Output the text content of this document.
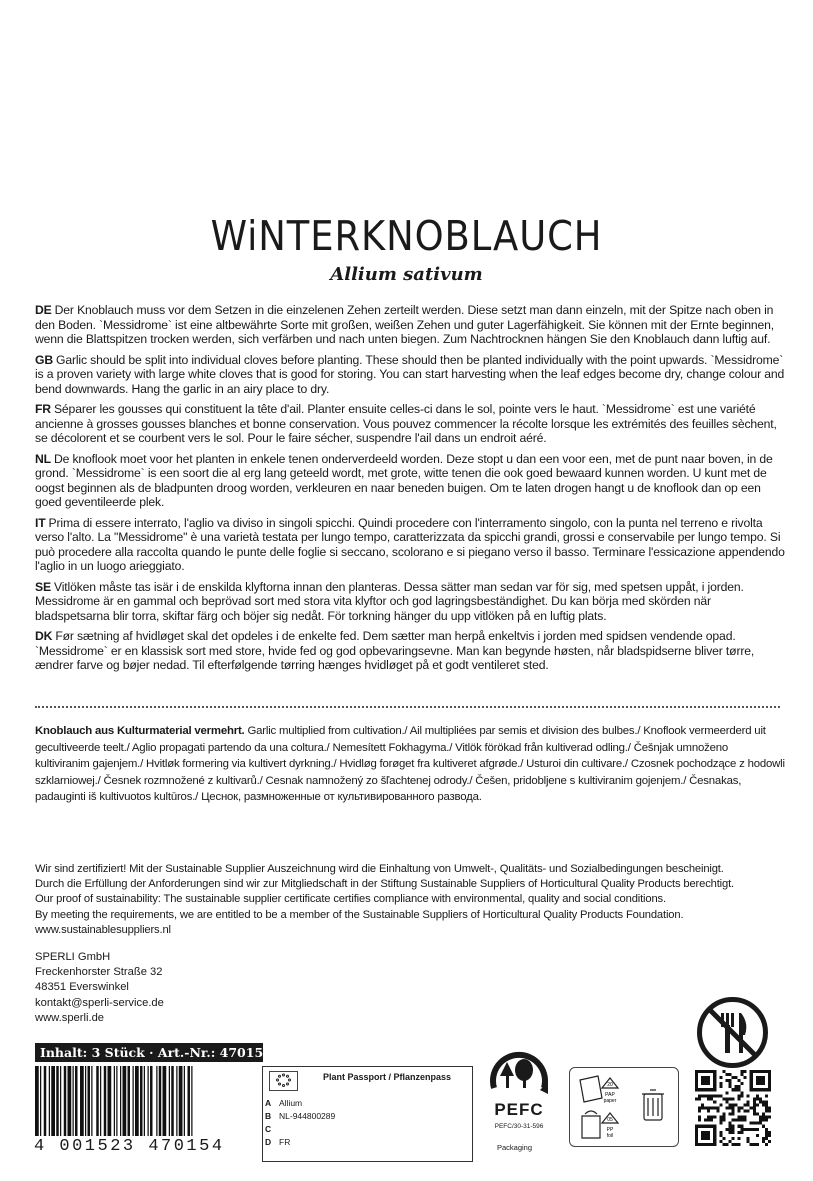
WiNTERKNOBLAUCH
Allium sativum

DE Der Knoblauch muss vor dem Setzen in die einzelenen Zehen zerteilt werden. Diese setzt man dann einzeln, mit der Spitze nach oben in den Boden. `Messidrome` ist eine altbewährte Sorte mit großen, weißen Zehen und guter Lagerfähigkeit. Sie können mit der Ernte beginnen, wenn die Blattspitzen trocken werden, sich verfärben und nach unten biegen. Zum Nachtrocknen hängen Sie den Knoblauch dann luftig auf.

GB Garlic should be split into individual cloves before planting. These should then be planted individually with the point upwards. `Messidrome` is a proven variety with large white cloves that is good for storing. You can start harvesting when the leaf edges become dry, change colour and bend downwards. Hang the garlic in an airy place to dry.

FR Séparer les gousses qui constituent la tête d'ail. Planter ensuite celles-ci dans le sol, pointe vers le haut. `Messidrome` est une variété ancienne à grosses gousses blanches et bonne conservation. Vous pouvez commencer la récolte lorsque les extrémités des feuilles sèchent, se décolorent et se courbent vers le sol. Pour le faire sécher, suspendre l'ail dans un endroit aéré.

NL De knoflook moet voor het planten in enkele tenen onderverdeeld worden. Deze stopt u dan een voor een, met de punt naar boven, in de grond. `Messidrome` is een soort die al erg lang geteeld wordt, met grote, witte tenen die ook goed bewaard kunnen worden. U kunt met de oogst beginnen als de bladpunten droog worden, verkleuren en naar beneden buigen. Om te laten drogen hangt u de knoflook dan op een goed geventileerde plek.

IT Prima di essere interrato, l'aglio va diviso in singoli spicchi. Quindi procedere con l'interramento singolo, con la punta nel terreno e rivolta verso l'alto. La "Messidrome" è una varietà testata per lungo tempo, caratterizzata da spicchi grandi, grossi e conservabile per lungo tempo. Si può procedere alla raccolta quando le punte delle foglie si seccano, scolorano e si piegano verso il basso. Terminare l'essicazione appendendo l'aglio in un luogo arieggiato.

SE Vitlöken måste tas isär i de enskilda klyftorna innan den planteras. Dessa sätter man sedan var för sig, med spetsen uppåt, i jorden. Messidrome är en gammal och beprövad sort med stora vita klyftor och god lagringsbeständighet. Du kan börja med skörden när bladspetsarna blir torra, skiftar färg och böjer sig nedåt. För torkning hänger du upp vitlöken på en luftig plats.

DK Før sætning af hvidløget skal det opdeles i de enkelte fed. Dem sætter man herpå enkeltvis i jorden med spidsen vendende opad. `Messidrome` er en klassisk sort med store, hvide fed og god opbevaringsevne. Man kan begynde høsten, når bladspidserne bliver tørre, ændrer farve og bøjer nedad. Til efterfølgende tørring hænges hvidløget på et godt ventileret sted.

Knoblauch aus Kulturmaterial vermehrt. Garlic multiplied from cultivation./ Ail multipliées par semis et division des bulbes./ Knoflook vermeerderd uit gecultiveerde teelt./ Aglio propagati partendo da una coltura./ Nemesített Fokhagyma./ Vitlök förökad från kultiverad odling./ Češnjak umnoženo kultiviranim gajenjem./ Hvitløk formering via kultivert dyrkning./ Hvidløg forøget fra kultiveret afgrøde./ Usturoi din cultivare./ Czosnek pochodzące z hodowli szklarniowej./ Česnek rozmnožené z kultivarů./ Cesnak namnožený zo šľachtenej odrody./ Češen, pridobljene s kultiviranim gojenjem./ Česnakas, padauginti iš kultivuotos kultūros./ Цеснок, размноженные от культивированного развода.

Wir sind zertifiziert! Mit der Sustainable Supplier Auszeichnung wird die Einhaltung von Umwelt-, Qualitäts- und Sozialbedingungen bescheinigt.
Durch die Erfüllung der Anforderungen sind wir zur Mitgliedschaft in der Stiftung Sustainable Suppliers of Horticultural Quality Products berechtigt.
Our proof of sustainability: The sustainable supplier certificate certifies compliance with environmental, quality and social conditions.
By meeting the requirements, we are entitled to be a member of the Sustainable Suppliers of Horticultural Quality Products Foundation.
www.sustainablesuppliers.nl
SPERLI GmbH
Freckenhorster Straße 32
48351 Everswinkel
kontakt@sperli-service.de
www.sperli.de
Inhalt: 3 Stück · Art.-Nr.: 470154
4 001523 470154
Plant Passport / Pflanzenpass
A Allium
B NL-944800289
C
D FR
PEFC
PEFC/30-31-596
Packaging
20
PAP
paper
05
PP
foil
